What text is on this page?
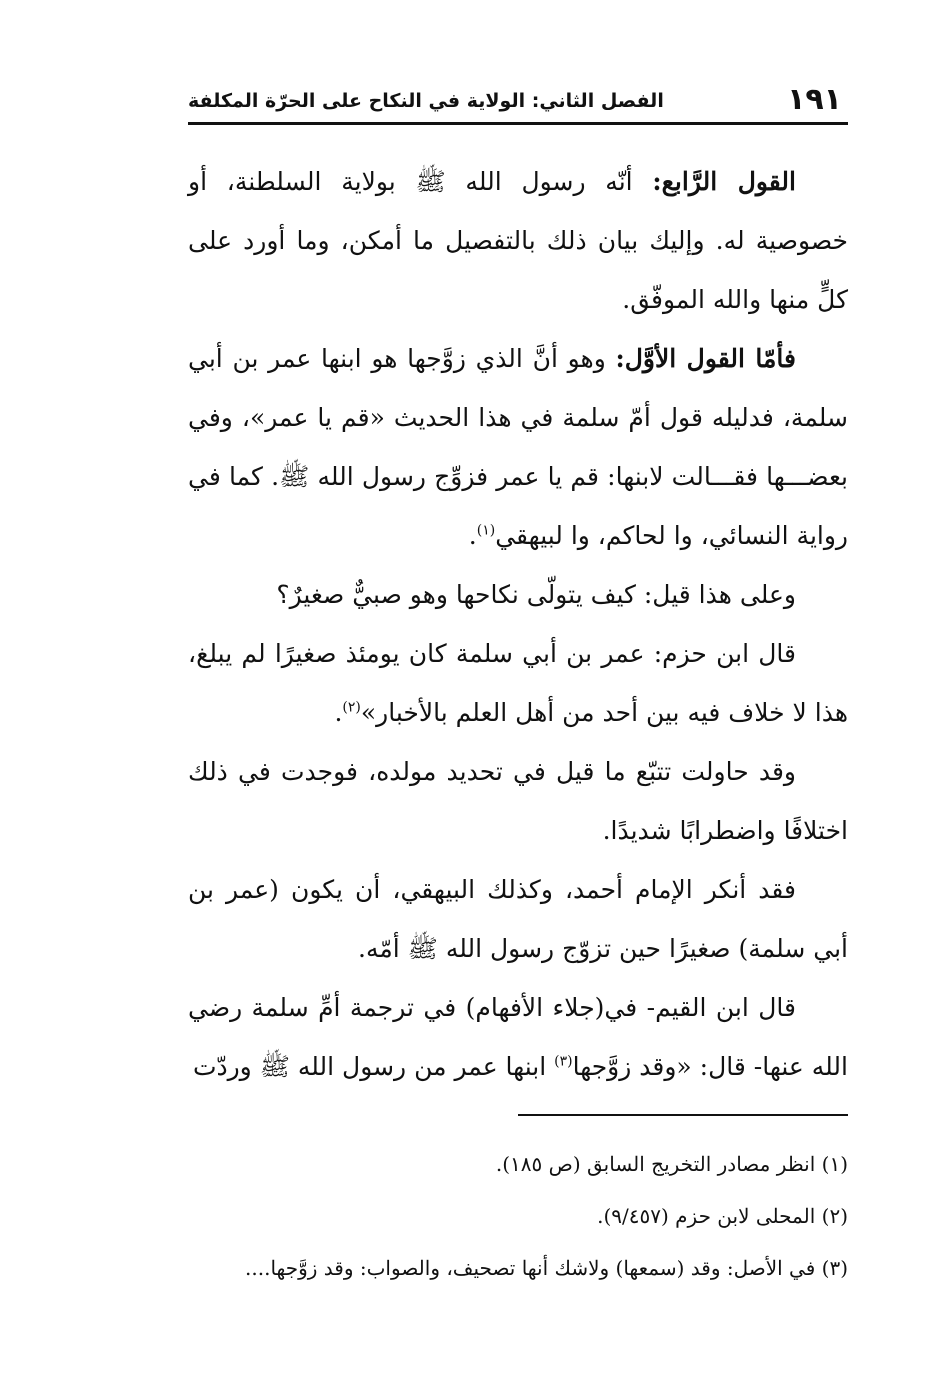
١٩١
الفصل الثاني: الولاية في النكاح على الحرّة المكلفة

القول الرَّابع: أنّه رسول الله ﷺ بولاية السلطنة، أو خصوصية له. وإليك بيان ذلك بالتفصيل ما أمكن، وما أورد على كلٍّ منها والله الموفّق.

فأمّا القول الأوَّل: وهو أنَّ الذي زوَّجها هو ابنها عمر بن أبي سلمة، فدليله قول أمّ سلمة في هذا الحديث «قم يا عمر»، وفي بعضـــها فقـــالت لابنها: قم يا عمر فزوِّج رسول الله ﷺ. كما في رواية النسائي، وا لحاكم، وا لبيهقي$^{(١)}$.

وعلى هذا قيل: كيف يتولّى نكاحها وهو صبيٌّ صغيرٌ؟

قال ابن حزم: عمر بن أبي سلمة كان يومئذ صغيرًا لم يبلغ، هذا لا خلاف فيه بين أحد من أهل العلم بالأخبار»$^{(٢)}$.

وقد حاولت تتبّع ما قيل في تحديد مولده، فوجدت في ذلك اختلافًا واضطرابًا شديدًا.

فقد أنكر الإمام أحمد، وكذلك البيهقي، أن يكون (عمر بن أبي سلمة) صغيرًا حين تزوّج رسول الله ﷺ أمّه.

قال ابن القيم- في(جلاء الأفهام) في ترجمة أمِّ سلمة رضي الله عنها- قال: «وقد زوَّجها$^{(٣)}$ ابنها عمر من رسول الله ﷺ وردّت

(١) انظر مصادر التخريج السابق (ص ١٨٥).

(٢) المحلى لابن حزم (٩/٤٥٧).

(٣) في الأصل: وقد (سمعها) ولاشك أنها تصحيف، والصواب: وقد زوَّجها....
